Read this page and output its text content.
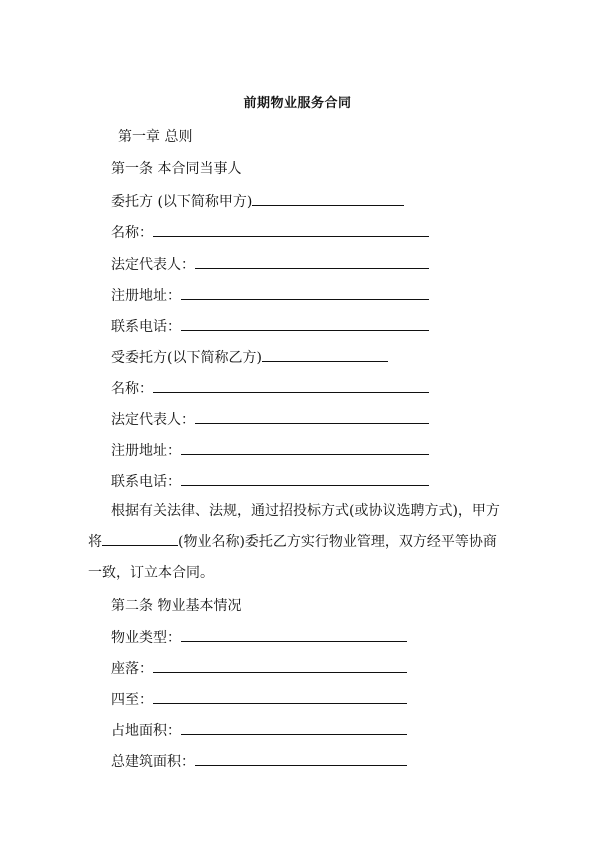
前期物业服务合同
第一章 总则
第一条 本合同当事人
委托方 (以下简称甲方)
名称：
法定代表人：
注册地址：
联系电话：
受委托方(以下简称乙方)
名称：
法定代表人：
注册地址：
联系电话：
根据有关法律、法规，通过招投标方式(或协议选聘方式)，甲方将	(物业名称)委托乙方实行物业管理，双方经平等协商一致，订立本合同。
第二条 物业基本情况
物业类型：
座落：
四至：
占地面积：
总建筑面积：
